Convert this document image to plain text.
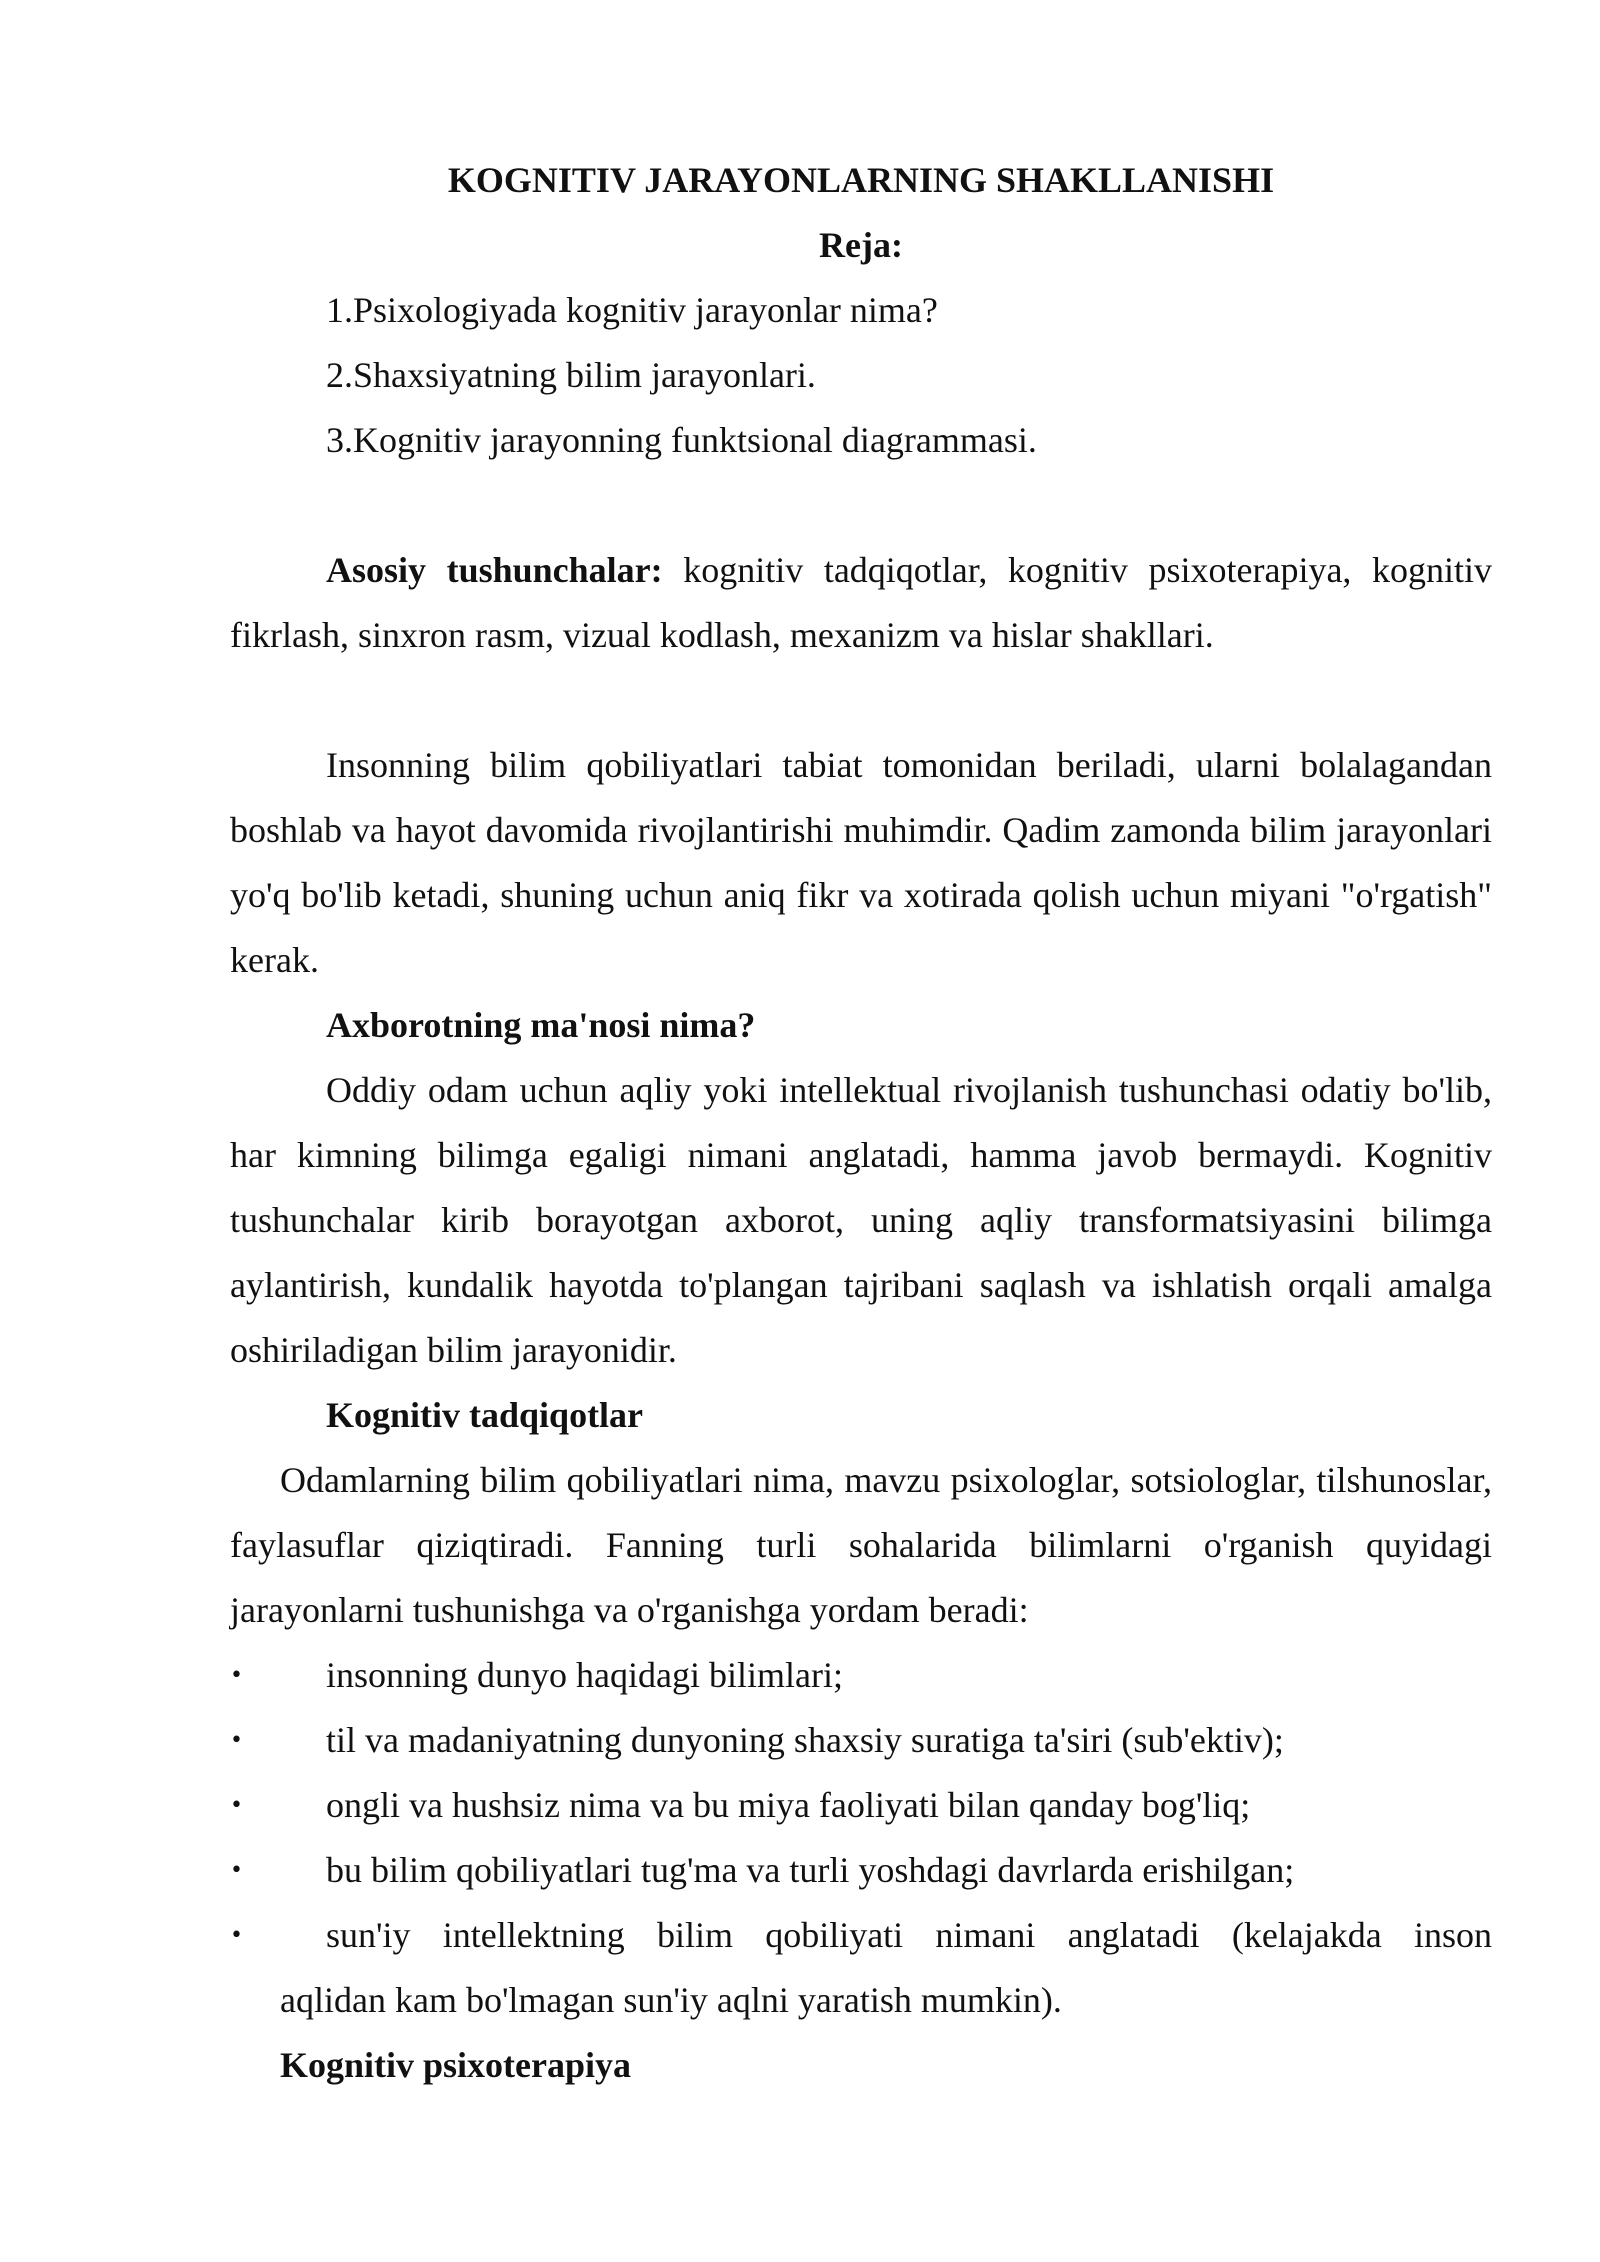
KOGNITIV JARAYONLARNING SHAKLLANISHI

Reja:

1.Psixologiyada kognitiv jarayonlar nima?

2.Shaxsiyatning bilim jarayonlari.

3.Kognitiv jarayonning funktsional diagrammasi.

Asosiy tushunchalar: kognitiv tadqiqotlar, kognitiv psixoterapiya, kognitiv fikrlash, sinxron rasm, vizual kodlash, mexanizm va hislar shakllari.

Insonning bilim qobiliyatlari tabiat tomonidan beriladi, ularni bolalagandan boshlab va hayot davomida rivojlantirishi muhimdir. Qadim zamonda bilim jarayonlari yo'q bo'lib ketadi, shuning uchun aniq fikr va xotirada qolish uchun miyani "o'rgatish" kerak.

Axborotning ma'nosi nima?

Oddiy odam uchun aqliy yoki intellektual rivojlanish tushunchasi odatiy bo'lib, har kimning bilimga egaligi nimani anglatadi, hamma javob bermaydi. Kognitiv tushunchalar kirib borayotgan axborot, uning aqliy transformatsiyasini bilimga aylantirish, kundalik hayotda to'plangan tajribani saqlash va ishlatish orqali amalga oshiriladigan bilim jarayonidir.

Kognitiv tadqiqotlar

Odamlarning bilim qobiliyatlari nima, mavzu psixologlar, sotsiologlar, tilshunoslar, faylasuflar qiziqtiradi. Fanning turli sohalarida bilimlarni o'rganish quyidagi jarayonlarni tushunishga va o'rganishga yordam beradi:

• insonning dunyo haqidagi bilimlari;
• til va madaniyatning dunyoning shaxsiy suratiga ta'siri (sub'ektiv);
• ongli va hushsiz nima va bu miya faoliyati bilan qanday bog'liq;
• bu bilim qobiliyatlari tug'ma va turli yoshdagi davrlarda erishilgan;
• sun'iy intellektning bilim qobiliyati nimani anglatadi (kelajakda inson

aqlidan kam bo'lmagan sun'iy aqlni yaratish mumkin).

Kognitiv psixoterapiya
